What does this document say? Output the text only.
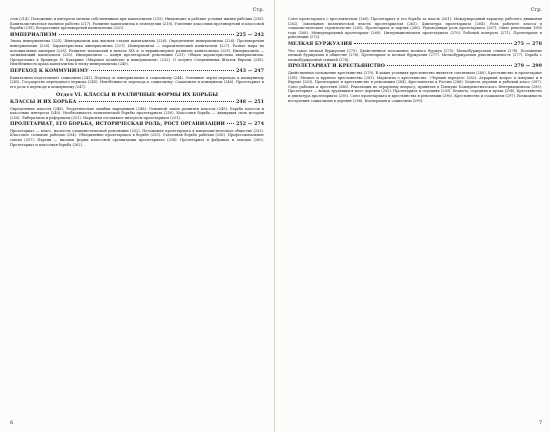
Стр.

стов (214). Положение и интересы мелких собственников при капитализме (215). Нищенские и рабские условия жизни рабочих (216). Капиталистическое наемное рабство (217). Развитие капитализма в земледелии (218). Усиление классовых противоречий и классовой борьбы (219). Возрастание противоречий капитализма (220).

ИМПЕРИАЛИЗМ	225 — 242

Эпоха империализма (225). Империализм как высшая стадия капитализма (226). Определение империализма (226). Противоречия империализма (226). Характеристика империализма (227). Империализм — паразитический капитализм (227). Развал мира на колониальные империи (228). Развитие монополий в начале XIX в. и неравномерное развитие капитализма (229). Империализм — загнивающий капитализм (230). Империализм — канун пролетарской революции (231). Общая характеристика империализма. Предисловие к брошюре Н. Бухарина «Мировое хозяйство и империализм» (232). О лозунге Соединенных Штатов Европы (238). Неизбежность краха капитализма в эпоху империализма (240).

ПЕРЕХОД К КОММУНИЗМУ	243 — 247

Капитализм подготовляет социализм (243). Переход от империализма к социализму (244). Основные черты перехода к коммунизму (245). Государство переходного периода (245). Неизбежность перехода к социализму. Социализм и коммунизм (246). Пролетариат и его роль в переходе к коммунизму (247).

Отдел VI. КЛАССЫ И РАЗЛИЧНЫЕ ФОРМЫ ИХ БОРЬБЫ
КЛАССЫ И ИХ БОРЬБА	248 — 251

Определение классов (248). Теоретические ошибки народников (248). Основной закон развития классов (249). Борьба классов и классовые интересы (249). Необходимость политической борьбы пролетариата (250). Классовая борьба — движущая сила истории (250). Либерализм и реформизм (251). Марксизм отстаивает интересы пролетариата (251).

ПРОЛЕТАРИАТ, ЕГО БОРЬБА, ИСТОРИЧЕСКАЯ РОЛЬ, РОСТ ОРГАНИЗАЦИИ 252 — 274

Пролетариат — класс, носитель социалистической революции (252). Положение пролетариата в капиталистическом обществе (253). Классовое сознание рабочих (254). Объединение пролетариата в борьбе (255). Стачечная борьба рабочих (256). Профессиональные союзы (257). Партия — высшая форма классовой организации пролетариата (258). Пролетариат в фабриках и заводах (260). Пролетариат и классовая борьба (262).

6
Стр.

Союз пролетариата с крестьянством (260). Пролетариат и его борьба за власть (261). Международный характер рабочего движения (262). Завоевание политической власти пролетариатом (263). Диктатура пролетариата (264). Роль рабочего класса в социалистическом строительстве (265). Пролетариат и партия (266). Руководящая роль пролетариата (267). Опыт революции 1905 года (268). Международный пролетариат (269). Интернационализм пролетариата (270). Рабочий контроль (271). Пролетариат в революции (272).

МЕЛКАЯ БУРЖУАЗИЯ	275 — 278

Что такое мелкая буржуазия (275). Двойственное положение мелкого буржуа (275). Мелкобуржуазная стихия (276). Положение мелкой буржуазии в обществе (276). Пролетариат и мелкая буржуазия (277). Мелкобуржуазная революционность (277). Борьба с мелкобуржуазной стихией (278).

ПРОЛЕТАРИАТ И КРЕСТЬЯНСТВО	279 — 299

Двойственное положение крестьянства (279). В каких условиях крестьянство является союзником (280). Крестьянство и пролетариат (281). Мелкое и крупное крестьянство (281). Марксизм о крестьянстве. «Черный передел» (282). Аграрный вопрос в Америке и в Европе (283). Пролетариат и крестьянство в революции (284). Крестьянство в России (286). Беднота деревни и рабочий класс (287). Союз рабочих и крестьян (288). Революция по аграрному вопросу, принятая в Пленуме Коммунистического Интернационала (290). Пролетариат — вождь трудящихся масс деревни (292). Пролетариат и середняк (293). Беднота, середняк и кулак (294). Крестьянство и диктатура пролетариата (295). Союз пролетариата и крестьянства в революции (296). Крестьянство и социализм (297). Возможность построения социализма в деревне (298). Кооперация и социализм (299).

7
